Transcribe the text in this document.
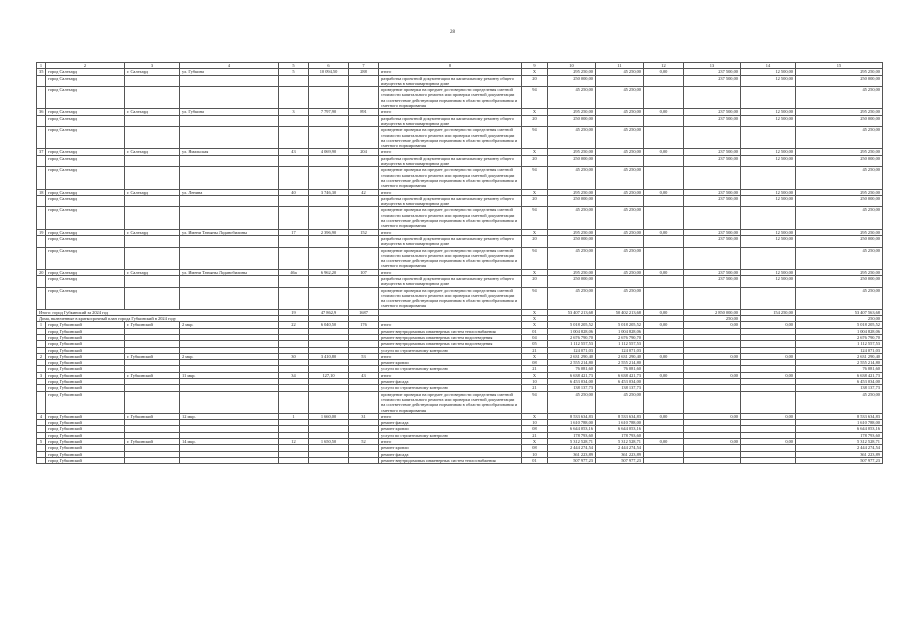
28
1	2	3	4	5	6	7	8	9	10	11	12	13	14	15
35	город Салехард	г. Салехард	ул. Губкина	5	10 094,50	288	итого	X	295 250,00	45 250,00	0,00	237 500,00	12 500,00	295 250,00
	город Салехард						разработка проектной документации на капитальному ремонту общего имущества в многоквартирном доме	20	250 000,00			237 500,00	12 500,00	250 000,00
	город Салехард						проведение проверки на предмет достоверности определения сметной стоимости капитального ремонта или проверки сметной документации на соответствие действующим нормативам в области ценообразования и сметного нормирования	94	45 250,00	45 250,00				45 250,00
36	город Салехард	г. Салехард	ул. Губкина	3	7 797,90	891	итого	X	295 250,00	45 250,00	0,00	237 500,00	12 500,00	295 250,00
	город Салехард						разработка проектной документации на капитальному ремонту общего имущества в многоквартирном доме	20	250 000,00			237 500,00	12 500,00	250 000,00
	город Салехард						проведение проверки на предмет достоверности определения сметной стоимости капитального ремонта или проверки сметной документации на соответствие действующим нормативам в области ценообразования и сметного нормирования	94	45 250,00	45 250,00				45 250,00
37	город Салехард	г. Салехард	ул. Ямальская	43	4 069,90	204	итого	X	295 250,00	45 250,00	0,00	237 500,00	12 500,00	295 250,00
	город Салехард						разработка проектной документации на капитальному ремонту общего имущества в многоквартирном доме	20	250 000,00			237 500,00	12 500,00	250 000,00
	город Салехард						проведение проверки на предмет достоверности определения сметной стоимости капитального ремонта или проверки сметной документации на соответствие действующим нормативам в области ценообразования и сметного нормирования	94	45 250,00	45 250,00				45 250,00
18	город Салехард	г. Салехард	ул. Ленина	40	3 746,30	42	итого	X	295 250,00	45 250,00	0,00	237 500,00	12 500,00	295 250,00
	город Салехард						разработка проектной документации на капитальному ремонту общего имущества в многоквартирном доме	20	250 000,00			237 500,00	12 500,00	250 000,00
	город Салехард						проведение проверки на предмет достоверности определения сметной стоимости капитального ремонта или проверки сметной документации на соответствие действующим нормативам в области ценообразования и сметного нормирования	94	45 250,00	45 250,00				45 250,00
19	город Салехард	г. Салехард	ул. Имени Татьяны Лоданобилины	17	2 396,90	152	итого	X	295 250,00	45 250,00	0,00	237 500,00	12 500,00	295 250,00
	город Салехард						разработка проектной документации на капитальному ремонту общего имущества в многоквартирном доме	20	250 000,00			237 500,00	12 500,00	250 000,00
	город Салехард						проведение проверки на предмет достоверности определения сметной стоимости капитального ремонта или проверки сметной документации на соответствие действующим нормативам в области ценообразования и сметного нормирования	94	45 250,00	45 250,00				45 250,00
20	город Салехард	г. Салехард	ул. Имени Татьяны Лоданобилины	46а	6 962,20	107	итого	X	295 250,00	45 250,00	0,00	237 500,00	12 500,00	295 250,00
	город Салехард						разработка проектной документации на капитальному ремонту общего имущества в многоквартирном доме	20	250 000,00			237 500,00	12 500,00	250 000,00
	город Салехард						проведение проверки на предмет достоверности определения сметной стоимости капитального ремонта или проверки сметной документации на соответствие действующим нормативам в области ценообразования и сметного нормирования	94	45 250,00	45 250,00				45 250,00
Итого: город Губкинский за 2024 год				19	47 862,9	1687		X	53 407 213,68	50 402 213,68	0,00	2 850 000,00	154 250,00	53 407 563,68
Дома, включенные в краткосрочный план города Губкинский в 2024 году								X				250,00		250,00
1	город Губкинский	г. Губкинский	2 мкр.	22	6 040,50	176	итого	X	5 018 205,52	5 018 205,52	0,00	0,00	0,00	5 018 205,52
	город Губкинский						ремонт внутридомовых инженерных систем теплоснабжения	01	1 004 828,06	1 004 828,06				1 004 828,06
	город Губкинский						ремонт внутридомовых инженерных систем водоотведения	04	2 676 790,70	2 676 790,70				2 676 790,70
	город Губкинский						ремонт внутридомовых инженерных систем водоотведения	05	1 112 557,53	1 112 557,53				1 112 557,53
	город Губкинский						услуги по строительному контролю	21	124 071,03	124 071,03				124 071,03
2	город Губкинский	г. Губкинский	2 мкр.	30	3 410,80	53	итого	X	2 631 290,40	2 631 290,40	0,00	0,00	0,00	2 631 290,40
	город Губкинский						ремонт кровли	08	2 555 214,80	2 555 214,80				2 555 214,80
	город Губкинский						услуги по строительному контролю	21	76 081,60	76 081,60				76 081,60
3	город Губкинский	г. Губкинский	11 мкр.	34	127,10	43	итого	X	6 638 421,73	6 638 421,73	0,00	0,00	0,00	6 638 421,73
	город Губкинский						ремонт фасада	10	6 453 034,00	6 453 034,00				6 453 034,00
	город Губкинский						услуги по строительному контролю	21	138 137,73	138 137,73				138 137,73
	город Губкинский						проведение проверки на предмет достоверности определения сметной стоимости капитального ремонта или проверки сметной документации на соответствие действующим нормативам в области ценообразования и сметного нормирования	94	45 250,00	45 250,00				45 250,00
4	город Губкинский	г. Губкинский	12 мкр.	1	1 660,00	31	итого	X	8 533 634,83	8 533 634,83	0,00	0,00	0,00	8 533 634,83
	город Губкинский						ремонт фасада	10	1 610 788,00	1 610 788,00				1 610 788,00
	город Губкинский						ремонт кровли	08	6 644 053,16	6 644 053,16				6 644 053,16
	город Губкинский						услуги по строительному контролю	21	178 793,60	178 793,60				178 793,60
5	город Губкинский	г. Губкинский	14 мкр.	12	1 650,50	52	итого	X	5 312 528,71	5 312 528,71	0,00	0,00	0,00	5 312 528,71
	город Губкинский						ремонт кровли	08	2 444 274,54	2 444 274,54				2 444 274,54
	город Губкинский						ремонт фасада	10	361 223,89	361 223,89				361 223,89
	город Губкинский						ремонт внутридомовых инженерных систем теплоснабжения	01	507 977,23	507 977,23				507 977,23
